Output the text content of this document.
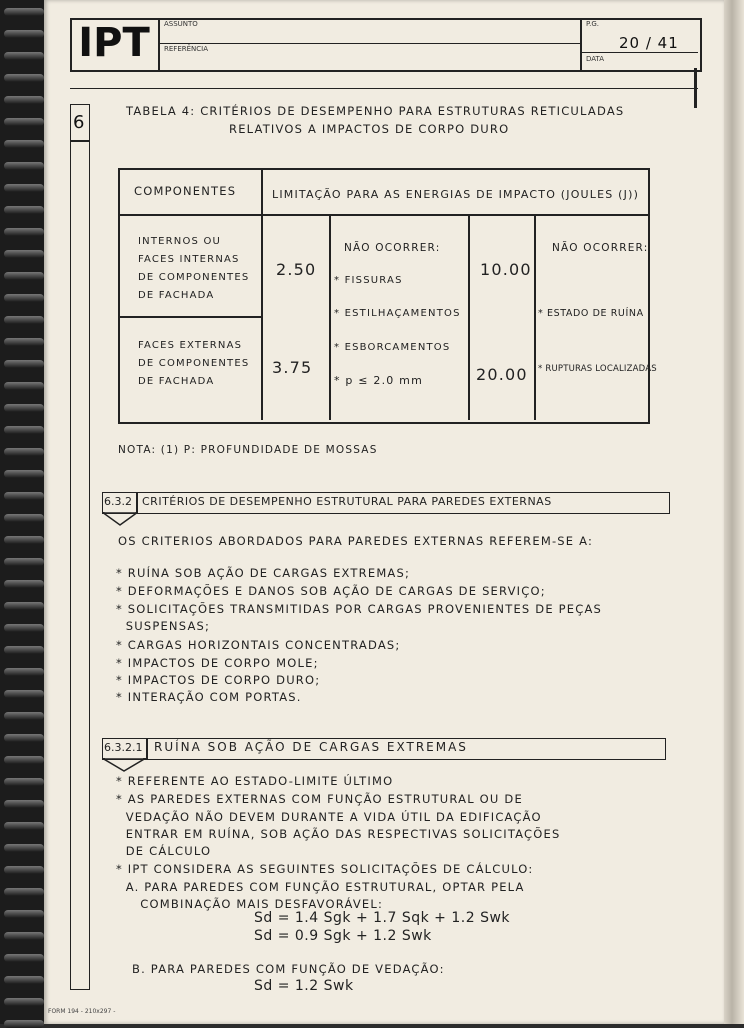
IPT	ASSUNTO
REFERÊNCIA
P.G.
20 / 41
DATA
6
TABELA 4: CRITÉRIOS DE DESEMPENHO PARA ESTRUTURAS RETICULADAS
RELATIVOS A IMPACTOS DE CORPO DURO
COMPONENTES	LIMITAÇÃO PARA AS ENERGIAS DE IMPACTO (JOULES (J))
INTERNOS OU
FACES INTERNAS
DE COMPONENTES
DE FACHADA
FACES EXTERNAS
DE COMPONENTES
DE FACHADA
2.50
3.75
NÃO OCORRER:
* FISSURAS
* ESTILHAÇAMENTOS
* ESBORCAMENTOS
* p ≤ 2.0 mm
10.00
20.00
NÃO OCORRER:
* ESTADO DE RUÍNA
* RUPTURAS LOCALIZADAS
NOTA: (1) P: PROFUNDIDADE DE MOSSAS
6.3.2 CRITÉRIOS DE DESEMPENHO ESTRUTURAL PARA PAREDES EXTERNAS
OS CRITERIOS ABORDADOS PARA PAREDES EXTERNAS REFEREM-SE A:
* RUÍNA SOB AÇÃO DE CARGAS EXTREMAS;
* DEFORMAÇÕES E DANOS SOB AÇÃO DE CARGAS DE SERVIÇO;
* SOLICITAÇÕES TRANSMITIDAS POR CARGAS PROVENIENTES DE PEÇAS
SUSPENSAS;
* CARGAS HORIZONTAIS CONCENTRADAS;
* IMPACTOS DE CORPO MOLE;
* IMPACTOS DE CORPO DURO;
* INTERAÇÃO COM PORTAS.
6.3.2.1 RUÍNA SOB AÇÃO DE CARGAS EXTREMAS
* REFERENTE AO ESTADO-LIMITE ÚLTIMO
* AS PAREDES EXTERNAS COM FUNÇÃO ESTRUTURAL OU DE
VEDAÇÃO NÃO DEVEM DURANTE A VIDA ÚTIL DA EDIFICAÇÃO
ENTRAR EM RUÍNA, SOB AÇÃO DAS RESPECTIVAS SOLICITAÇÕES
DE CÁLCULO
* IPT CONSIDERA AS SEGUINTES SOLICITAÇÕES DE CÁLCULO:
A. PARA PAREDES COM FUNÇÃO ESTRUTURAL, OPTAR PELA
COMBINAÇÃO MAIS DESFAVORÁVEL:
Sd = 1.4 Sgk + 1.7 Sqk + 1.2 Swk
Sd = 0.9 Sgk + 1.2 Swk
B. PARA PAREDES COM FUNÇÃO DE VEDAÇÃO:
Sd = 1.2 Swk
FORM 194 - 210x297 -
